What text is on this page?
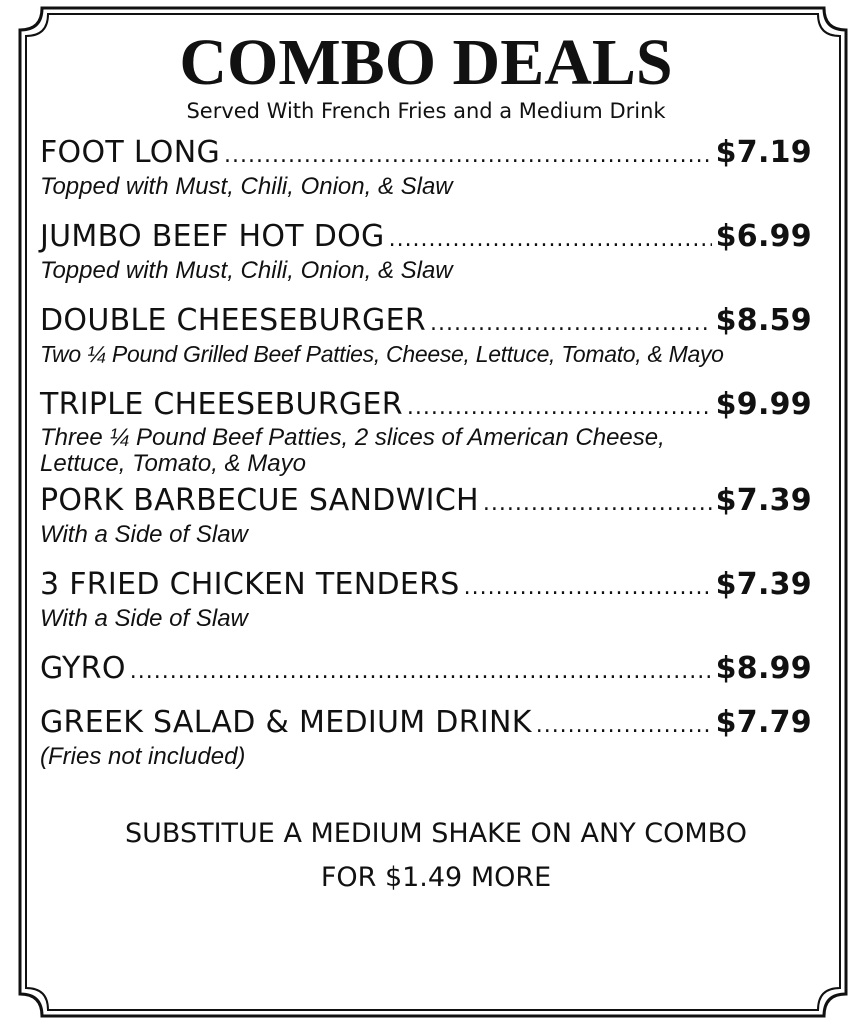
COMBO DEALS

Served With French Fries and a Medium Drink

FOOT LONG .....	$7.19

Topped with Must, Chili, Onion, & Slaw

JUMBO BEEF HOT DOG .....	$6.99

Topped with Must, Chili, Onion, & Slaw

DOUBLE CHEESEBURGER .....	$8.59

Two ¼ Pound Grilled Beef Patties, Cheese, Lettuce, Tomato, & Mayo

TRIPLE CHEESEBURGER .....	$9.99

Three ¼ Pound Beef Patties, 2 slices of American Cheese,
Lettuce, Tomato, & Mayo

PORK BARBECUE SANDWICH .....	$7.39

With a Side of Slaw

3 FRIED CHICKEN TENDERS .....	$7.39

With a Side of Slaw

GYRO .....	$8.99
GREEK SALAD & MEDIUM DRINK .....	$7.79

(Fries not included)

SUBSTITUE A MEDIUM SHAKE ON ANY COMBO
FOR $1.49 MORE
